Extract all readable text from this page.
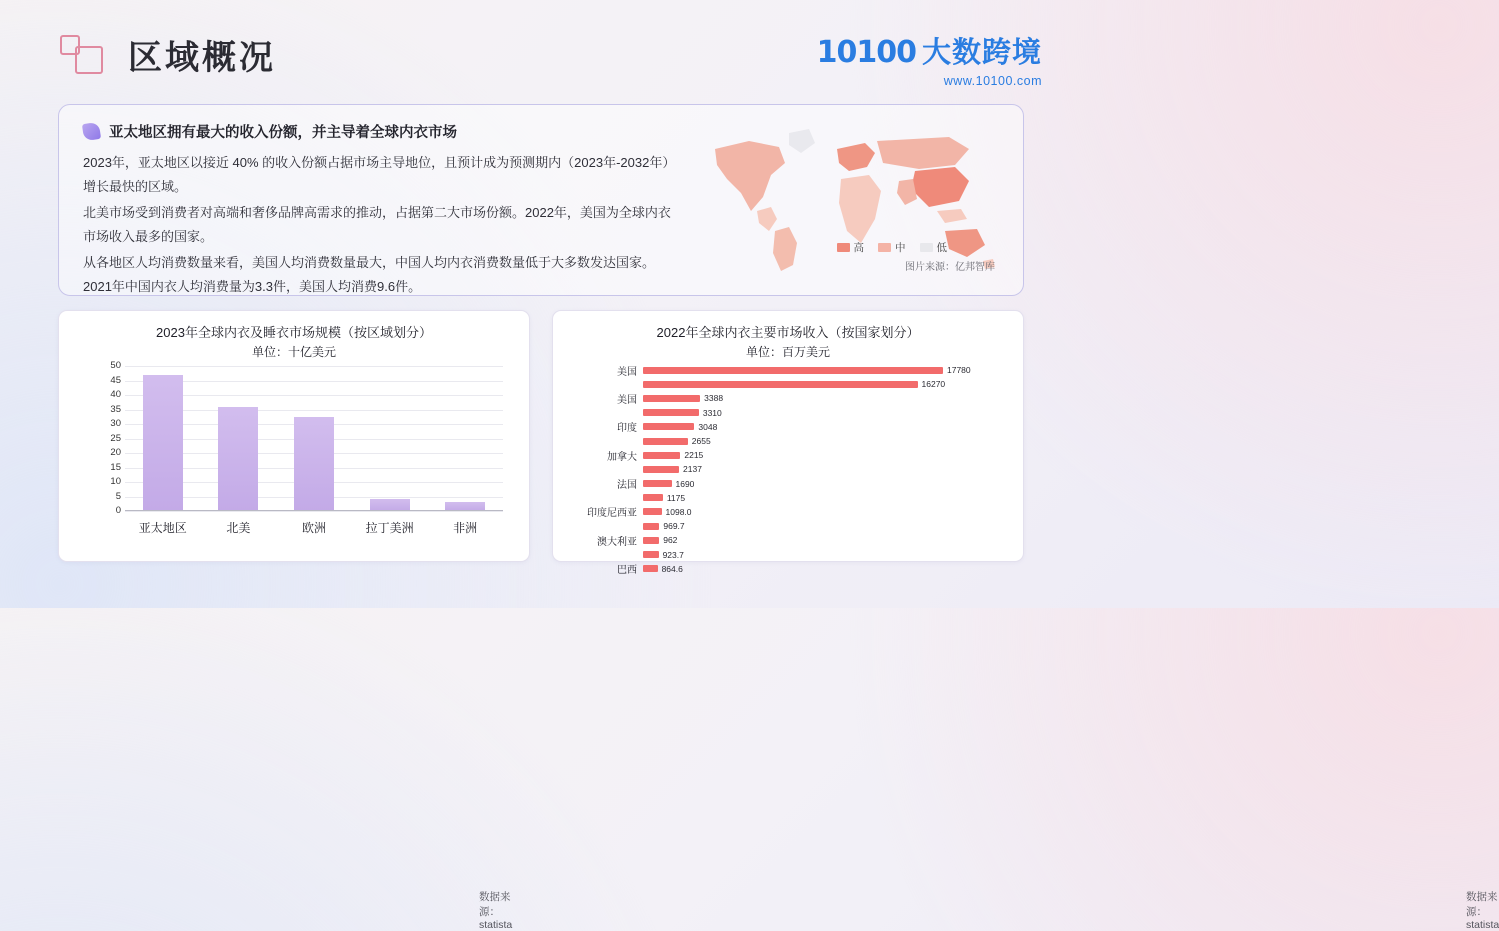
区域概况	10100 大数跨境
www.10100.com
亚太地区拥有最大的收入份额，并主导着全球内衣市场

2023年，亚太地区以接近 40% 的收入份额占据市场主导地位，且预计成为预测期内（2023年-2032年）增长最快的区域。

北美市场受到消费者对高端和奢侈品牌高需求的推动，占据第二大市场份额。2022年，美国为全球内衣市场收入最多的国家。

从各地区人均消费数量来看，美国人均消费数量最大，中国人均内衣消费数量低于大多数发达国家。2021年中国内衣人均消费量为3.3件，美国人均消费9.6件。

高	中	低
图片来源：亿邦智库
2023年全球内衣及睡衣市场规模（按区域划分）
单位：十亿美元
0
5
10
15
20
25
30
35
40
45
50
亚太地区	北美	欧洲	拉丁美洲	非洲
数据来源：statista
2022年全球内衣主要市场收入（按国家划分）
单位：百万美元
美国	17780
16270
美国	3388
3310
印度	3048
2655
加拿大	2215
2137
法国	1690
1175
印度尼西亚	1098.0
969.7
澳大利亚	962
923.7
巴西	864.6
数据来源：statista
